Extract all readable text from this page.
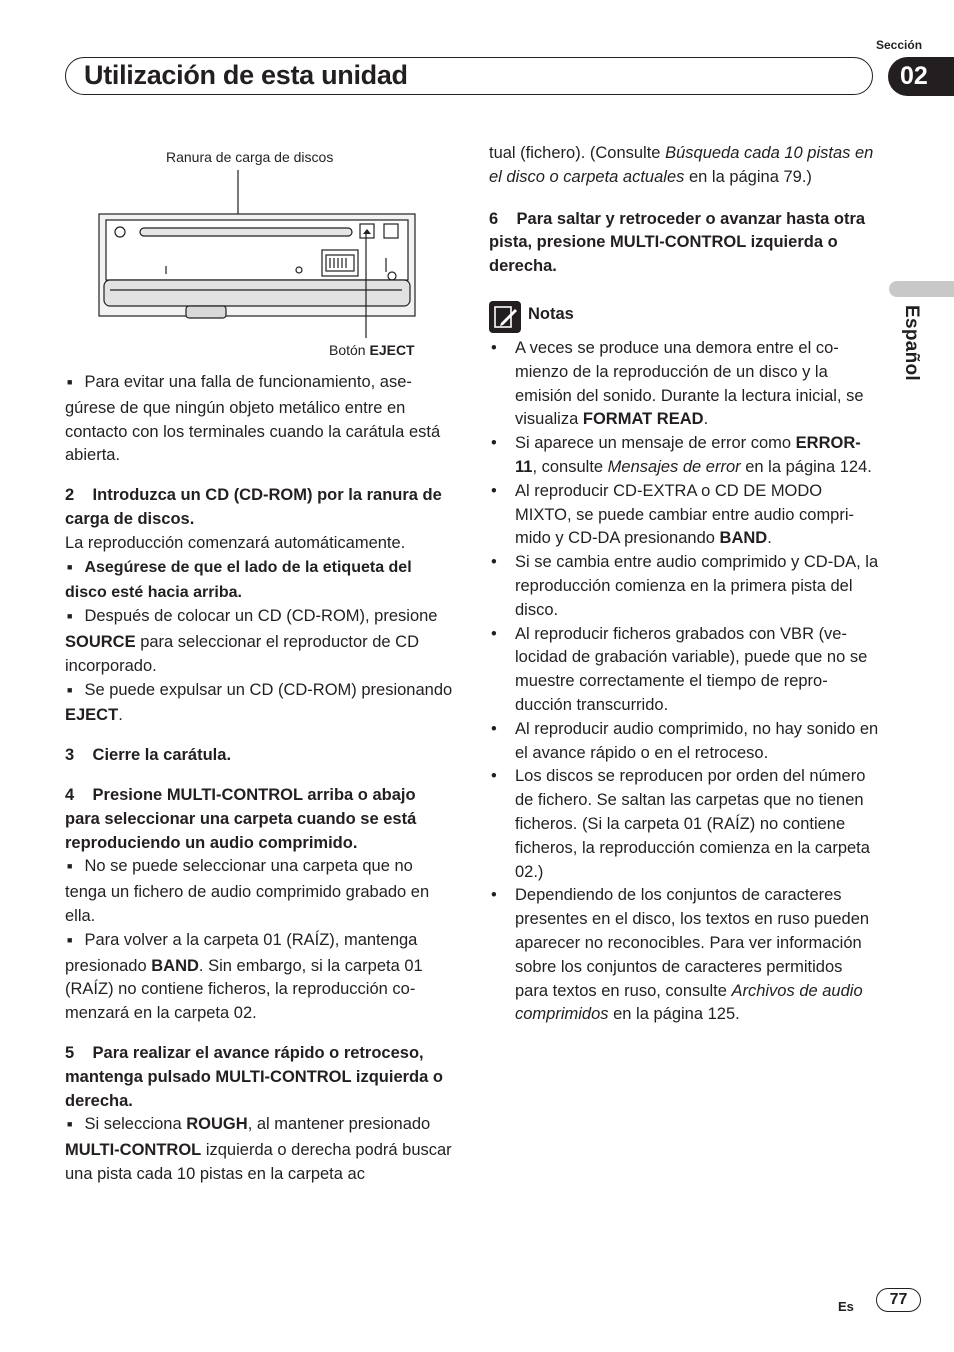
Sección
Utilización de esta unidad	02
Español
Ranura de carga de discos
Botón EJECT

■ Para evitar una falla de funcionamiento, asegúrese de que ningún objeto metálico entre en contacto con los terminales cuando la carátula está abierta.

2 Introduzca un CD (CD-ROM) por la ranura de carga de discos.

La reproducción comenzará automáticamente.

■ Asegúrese de que el lado de la etiqueta del disco esté hacia arriba.

■ Después de colocar un CD (CD-ROM), presione SOURCE para seleccionar el reproductor de CD incorporado.

■ Se puede expulsar un CD (CD-ROM) presionando EJECT.

3 Cierre la carátula.

4 Presione MULTI-CONTROL arriba o abajo para seleccionar una carpeta cuando se está reproduciendo un audio comprimido.

■ No se puede seleccionar una carpeta que no tenga un fichero de audio comprimido grabado en ella.

■ Para volver a la carpeta 01 (RAÍZ), mantenga presionado BAND. Sin embargo, si la carpeta 01 (RAÍZ) no contiene ficheros, la reproducción comenzará en la carpeta 02.

5 Para realizar el avance rápido o retroceso, mantenga pulsado MULTI-CONTROL izquierda o derecha.

■ Si selecciona ROUGH, al mantener presionado MULTI-CONTROL izquierda o derecha podrá buscar una pista cada 10 pistas en la carpeta ac

tual (fichero). (Consulte Búsqueda cada 10 pistas en el disco o carpeta actuales en la página 79.)

6 Para saltar y retroceder o avanzar hasta otra pista, presione MULTI-CONTROL izquierda o derecha.

Notas

• A veces se produce una demora entre el comienzo de la reproducción de un disco y la emisión del sonido. Durante la lectura inicial, se visualiza FORMAT READ.

• Si aparece un mensaje de error como ERROR-11, consulte Mensajes de error en la página 124.

• Al reproducir CD-EXTRA o CD DE MODO MIXTO, se puede cambiar entre audio comprimido y CD-DA presionando BAND.

• Si se cambia entre audio comprimido y CD-DA, la reproducción comienza en la primera pista del disco.

• Al reproducir ficheros grabados con VBR (velocidad de grabación variable), puede que no se muestre correctamente el tiempo de reproducción transcurrido.

• Al reproducir audio comprimido, no hay sonido en el avance rápido o en el retroceso.

• Los discos se reproducen por orden del número de fichero. Se saltan las carpetas que no tienen ficheros. (Si la carpeta 01 (RAÍZ) no contiene ficheros, la reproducción comienza en la carpeta 02.)

• Dependiendo de los conjuntos de caracteres presentes en el disco, los textos en ruso pueden aparecer no reconocibles. Para ver información sobre los conjuntos de caracteres permitidos para textos en ruso, consulte Archivos de audio comprimidos en la página 125.

Es	77
